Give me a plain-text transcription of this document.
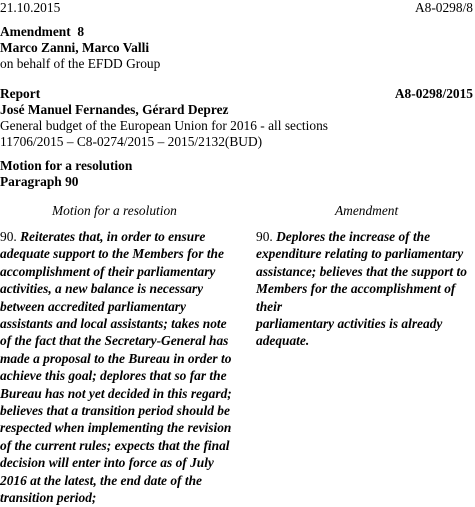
21.10.2015	A8-0298/8
Amendment 8
Marco Zanni, Marco Valli
on behalf of the EFDD Group
Report	A8-0298/2015
José Manuel Fernandes, Gérard Deprez
General budget of the European Union for 2016 - all sections
11706/2015 – C8-0274/2015 – 2015/2132(BUD)
Motion for a resolution
Paragraph 90
Motion for a resolution	Amendment
90. Reiterates that, in order to ensure
adequate support to the Members for the
accomplishment of their parliamentary
activities, a new balance is necessary
between accredited parliamentary
assistants and local assistants; takes note
of the fact that the Secretary-General has
made a proposal to the Bureau in order to
achieve this goal; deplores that so far the
Bureau has not yet decided in this regard;
believes that a transition period should be
respected when implementing the revision
of the current rules; expects that the final
decision will enter into force as of July
2016 at the latest, the end date of the
transition period;
90. Deplores the increase of the
expenditure relating to parliamentary
assistance; believes that the support to
Members for the accomplishment of their
parliamentary activities is already
adequate.
